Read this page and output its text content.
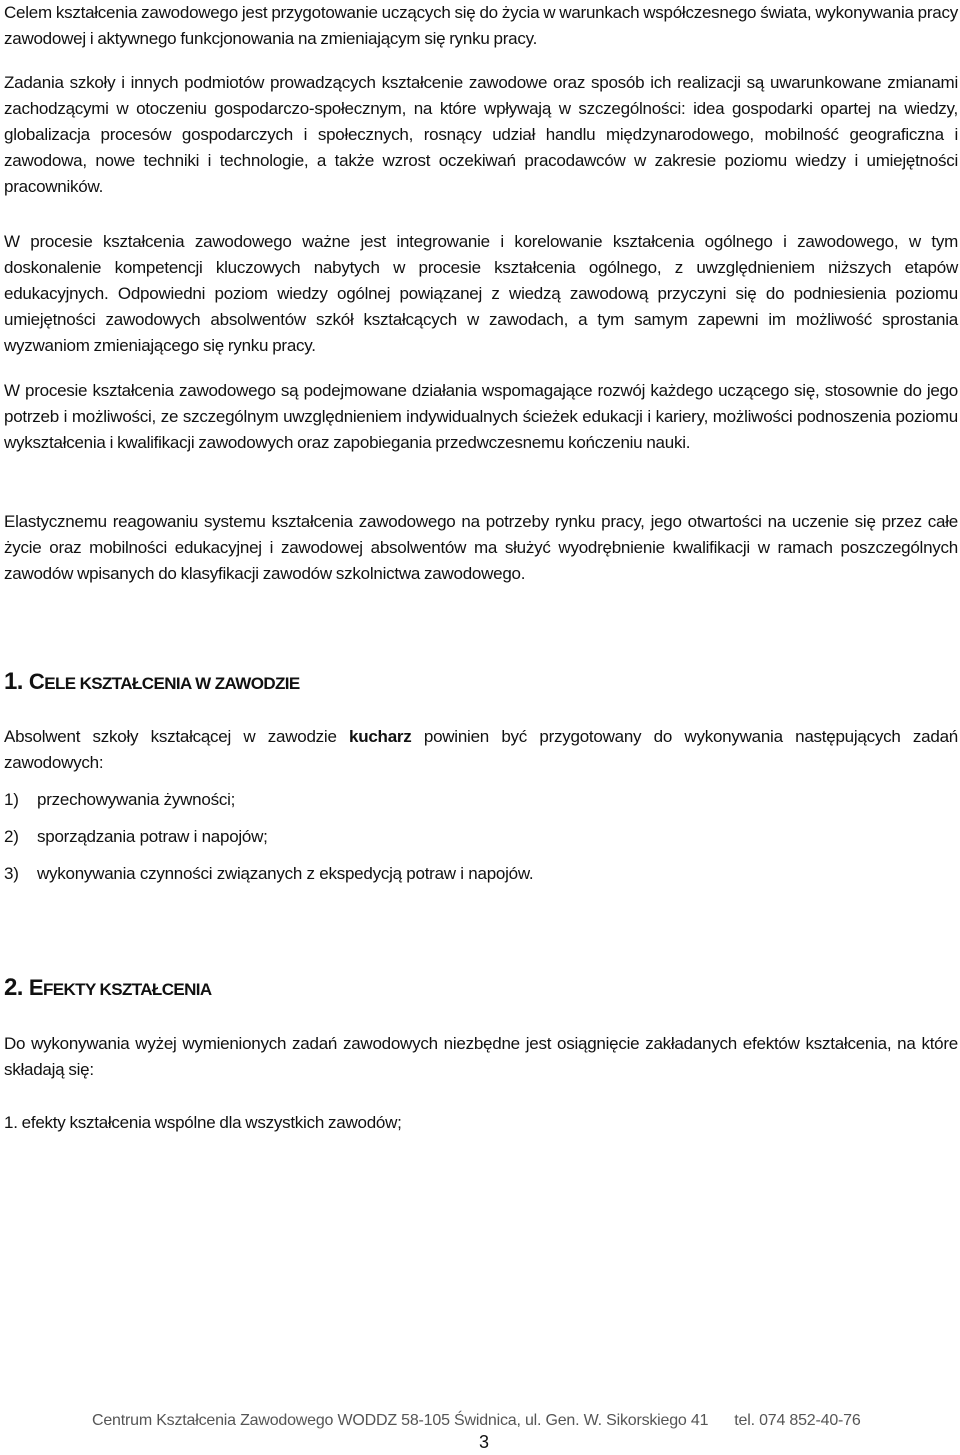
Celem kształcenia zawodowego jest przygotowanie uczących się do życia w warunkach współczesnego świata, wykonywania pracy zawodowej i aktywnego funkcjonowania na zmieniającym się rynku pracy.

Zadania szkoły i innych podmiotów prowadzących kształcenie zawodowe oraz sposób ich realizacji są uwarunkowane zmianami zachodzącymi w otoczeniu gospodarczo-społecznym, na które wpływają w szczególności: idea gospodarki opartej na wiedzy, globalizacja procesów gospodarczych i społecznych, rosnący udział handlu międzynarodowego, mobilność geograficzna i zawodowa, nowe techniki i technologie, a także wzrost oczekiwań pracodawców w zakresie poziomu wiedzy i umiejętności pracowników.

W procesie kształcenia zawodowego ważne jest integrowanie i korelowanie kształcenia ogólnego i zawodowego, w tym doskonalenie kompetencji kluczowych nabytych w procesie kształcenia ogólnego, z uwzględnieniem niższych etapów edukacyjnych. Odpowiedni poziom wiedzy ogólnej powiązanej z wiedzą zawodową przyczyni się do podniesienia poziomu umiejętności zawodowych absolwentów szkół kształcących w zawodach, a tym samym zapewni im możliwość sprostania wyzwaniom zmieniającego się rynku pracy.

W procesie kształcenia zawodowego są podejmowane działania wspomagające rozwój każdego uczącego się, stosownie do jego potrzeb i możliwości, ze szczególnym uwzględnieniem indywidualnych ścieżek edukacji i kariery, możliwości podnoszenia poziomu wykształcenia i kwalifikacji zawodowych oraz zapobiegania przedwczesnemu kończeniu nauki.

Elastycznemu reagowaniu systemu kształcenia zawodowego na potrzeby rynku pracy, jego otwartości na uczenie się przez całe życie oraz mobilności edukacyjnej i zawodowej absolwentów ma służyć wyodrębnienie kwalifikacji w ramach poszczególnych zawodów wpisanych do klasyfikacji zawodów szkolnictwa zawodowego.

1. CELE KSZTAŁCENIA W ZAWODZIE

Absolwent szkoły kształcącej w zawodzie kucharz powinien być przygotowany do wykonywania następujących zadań zawodowych:

1) przechowywania żywności;

2) sporządzania potraw i napojów;

3) wykonywania czynności związanych z ekspedycją potraw i napojów.

2. EFEKTY KSZTAŁCENIA

Do wykonywania wyżej wymienionych zadań zawodowych niezbędne jest osiągnięcie zakładanych efektów kształcenia, na które składają się:

1. efekty kształcenia wspólne dla wszystkich zawodów;

Centrum Kształcenia Zawodowego WODDZ 58-105 Świdnica, ul. Gen. W. Sikorskiego 41 tel. 074 852-40-76
3
